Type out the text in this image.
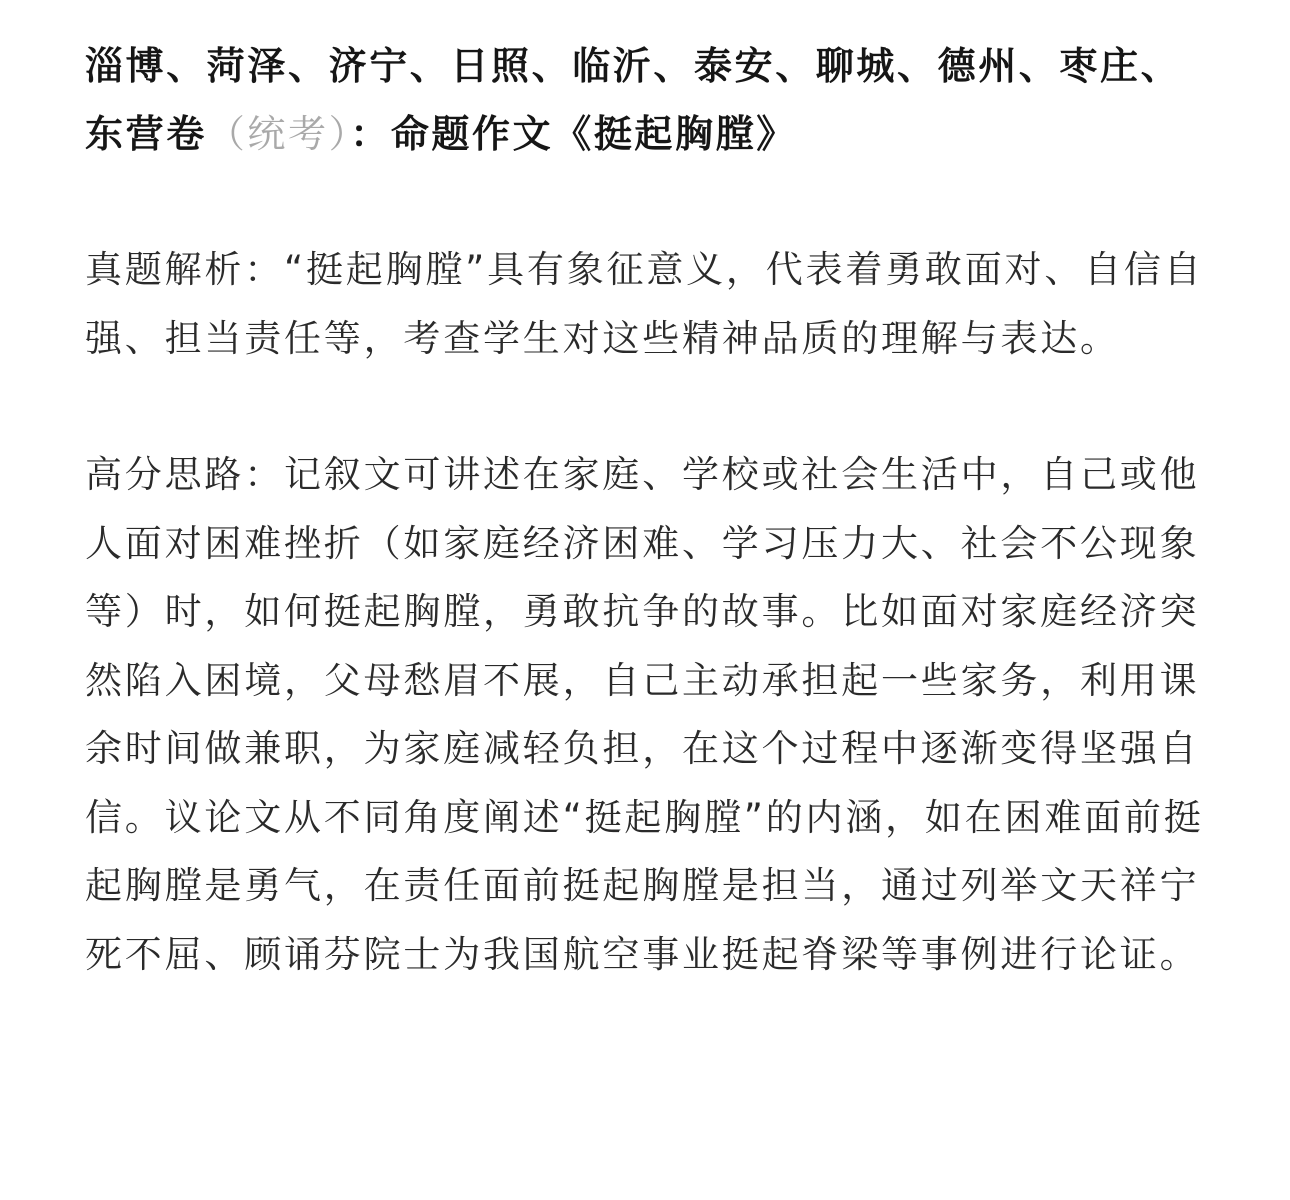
淄博、菏泽、济宁、日照、临沂、泰安、聊城、德州、枣庄、东营卷（统考）：命题作文《挺起胸膛》

真题解析：“挺起胸膛”具有象征意义，代表着勇敢面对、自信自强、担当责任等，考查学生对这些精神品质的理解与表达。

高分思路：记叙文可讲述在家庭、学校或社会生活中，自己或他人面对困难挫折（如家庭经济困难、学习压力大、社会不公现象等）时，如何挺起胸膛，勇敢抗争的故事。比如面对家庭经济突然陷入困境，父母愁眉不展，自己主动承担起一些家务，利用课余时间做兼职，为家庭减轻负担，在这个过程中逐渐变得坚强自信。议论文从不同角度阐述“挺起胸膛”的内涵，如在困难面前挺起胸膛是勇气，在责任面前挺起胸膛是担当，通过列举文天祥宁死不屈、顾诵芬院士为我国航空事业挺起脊梁等事例进行论证。
